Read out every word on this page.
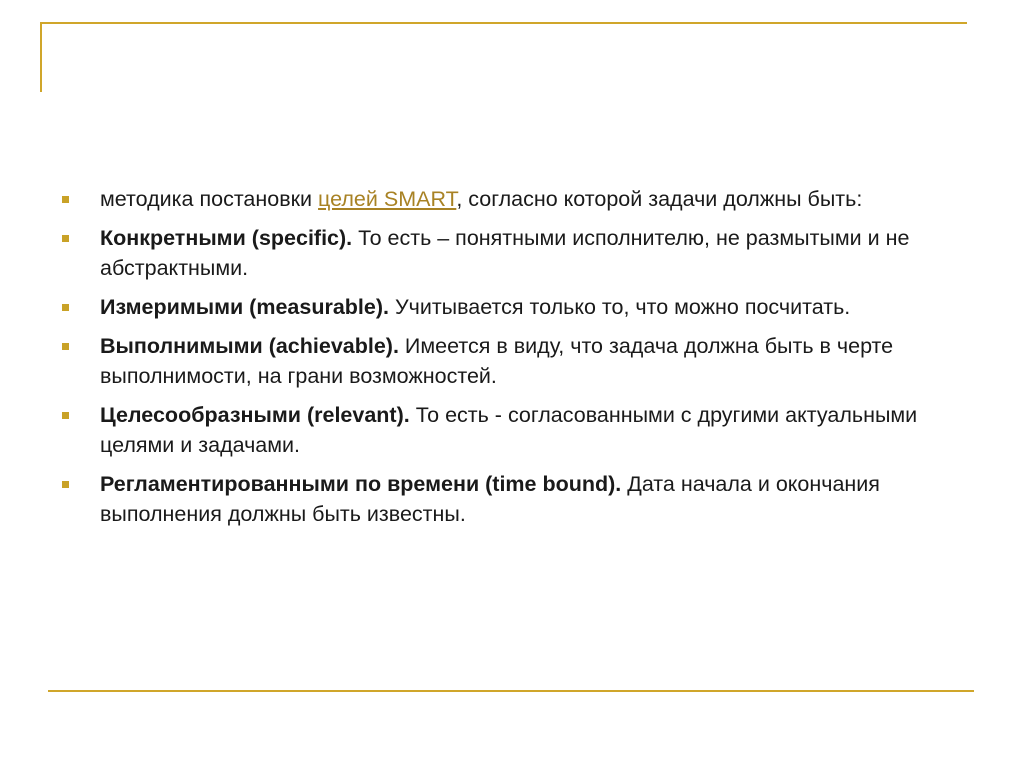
методика постановки целей SMART, согласно которой задачи должны быть:
Конкретными (specific). То есть – понятными исполнителю, не размытыми и не абстрактными.
Измеримыми (measurable). Учитывается только то, что можно посчитать.
Выполнимыми (achievable). Имеется в виду, что задача должна быть в черте выполнимости, на грани возможностей.
Целесообразными (relevant). То есть - согласованными с другими актуальными целями и задачами.
Регламентированными по времени (time bound). Дата начала и окончания выполнения должны быть известны.
